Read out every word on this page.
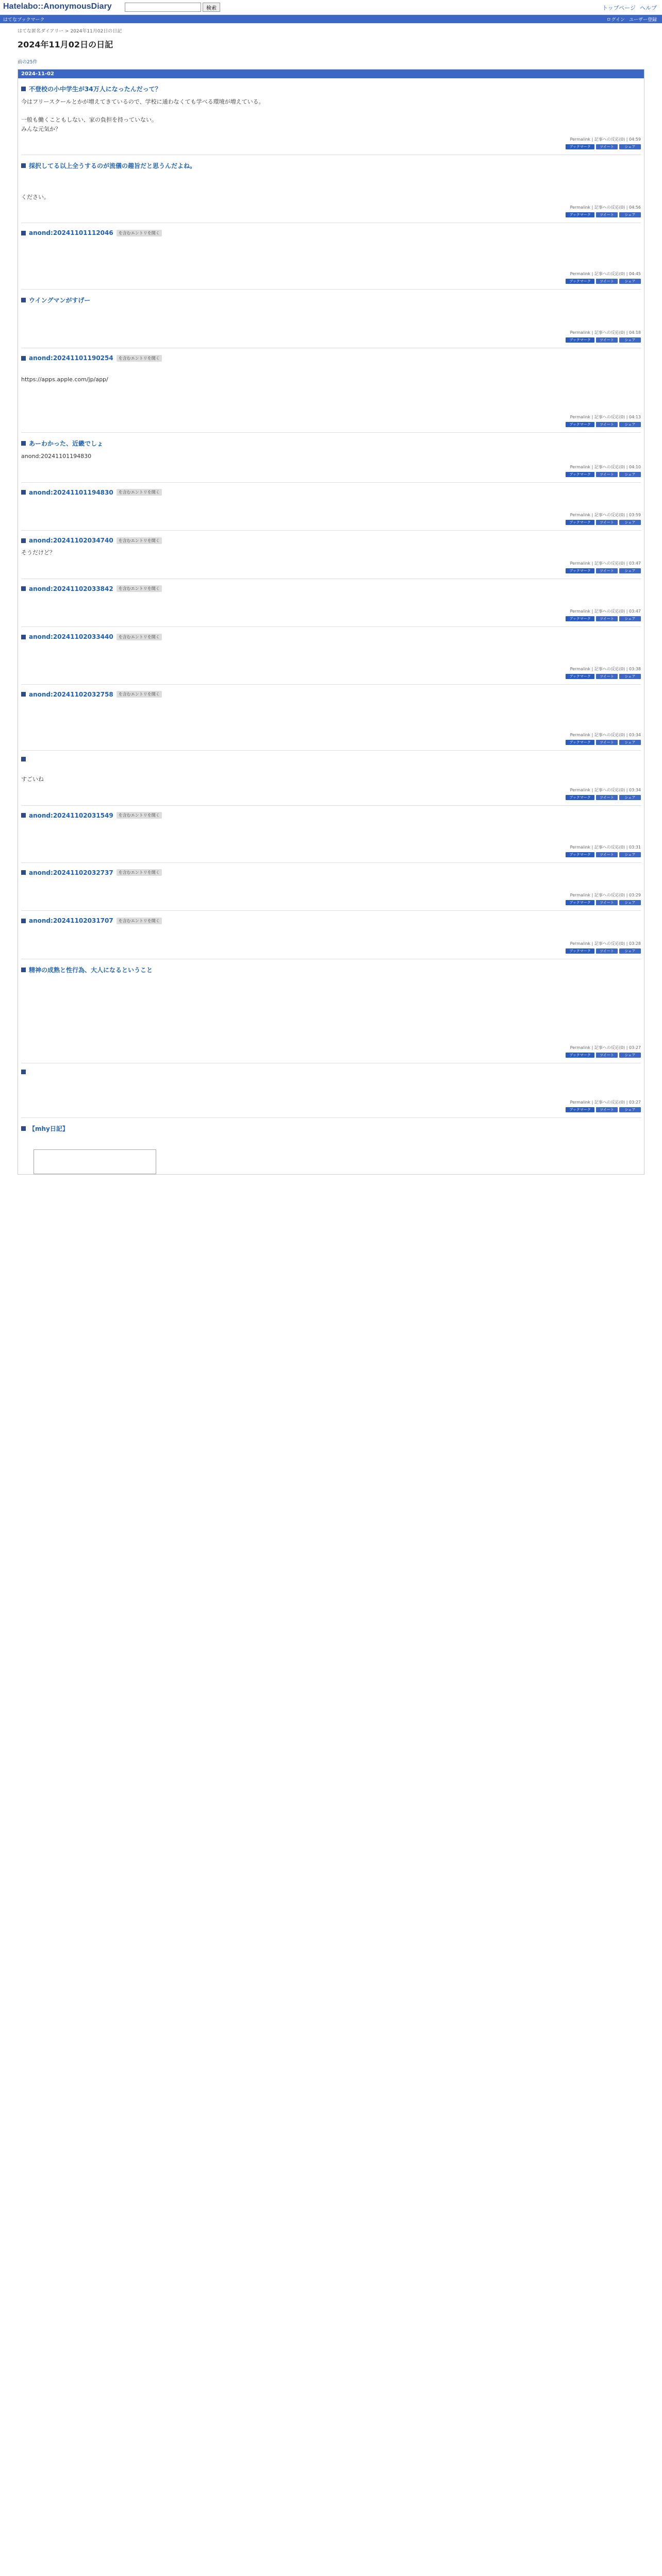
Hatelabo::AnonymousDiary	検索	トップページ ヘルプ
はてなブックマーク	ログイン ユーザー登録
はてな匿名ダイアリー > 2024年11月02日の日記
2024年11月02日の日記
前の25件
2024-11-02
不登校の小中学生が34万人になったんだって？
今はフリースクールとかが増えてきているので、学校に通わなくても学べる環境が増えている。

一般も働くこともしない、家の負担を持っていない。
みんな元気か？
Permalink | 記事への反応(0) | 04:59
ブックマーク	ツイート	シェア
採択してる以上全うするのが流儀の趣旨だと思うんだよね。

ください。
Permalink | 記事への反応(0) | 04:56
ブックマーク	ツイート	シェア
anond:20241101112046	を含むエントリを開く

Permalink | 記事への反応(0) | 04:45
ブックマーク	ツイート	シェア
ウイングマンがすげー

Permalink | 記事への反応(0) | 04:18
ブックマーク	ツイート	シェア
anond:20241101190254	を含むエントリを開く

https://apps.apple.com/jp/app/

Permalink | 記事への反応(0) | 04:13
ブックマーク	ツイート	シェア
あーわかった、近畿でしょ
anond:20241101194830
Permalink | 記事への反応(0) | 04:10
ブックマーク	ツイート	シェア
anond:20241101194830	を含むエントリを開く

Permalink | 記事への反応(0) | 03:59
ブックマーク	ツイート	シェア
anond:20241102034740	を含むエントリを開く
そうだけど？
Permalink | 記事への反応(0) | 03:47
ブックマーク	ツイート	シェア
anond:20241102033842	を含むエントリを開く

Permalink | 記事への反応(0) | 03:47
ブックマーク	ツイート	シェア
anond:20241102033440	を含むエントリを開く

Permalink | 記事への反応(0) | 03:38
ブックマーク	ツイート	シェア
anond:20241102032758	を含むエントリを開く

Permalink | 記事への反応(0) | 03:34
ブックマーク	ツイート	シェア

すごいね
Permalink | 記事への反応(0) | 03:34
ブックマーク	ツイート	シェア
anond:20241102031549	を含むエントリを開く

Permalink | 記事への反応(0) | 03:31
ブックマーク	ツイート	シェア
anond:20241102032737	を含むエントリを開く

Permalink | 記事への反応(0) | 03:29
ブックマーク	ツイート	シェア
anond:20241102031707	を含むエントリを開く

Permalink | 記事への反応(0) | 03:28
ブックマーク	ツイート	シェア
精神の成熟と性行為、大人になるということ

Permalink | 記事への反応(0) | 03:27
ブックマーク	ツイート	シェア

Permalink | 記事への反応(0) | 03:27
ブックマーク	ツイート	シェア
【mhy日記】
